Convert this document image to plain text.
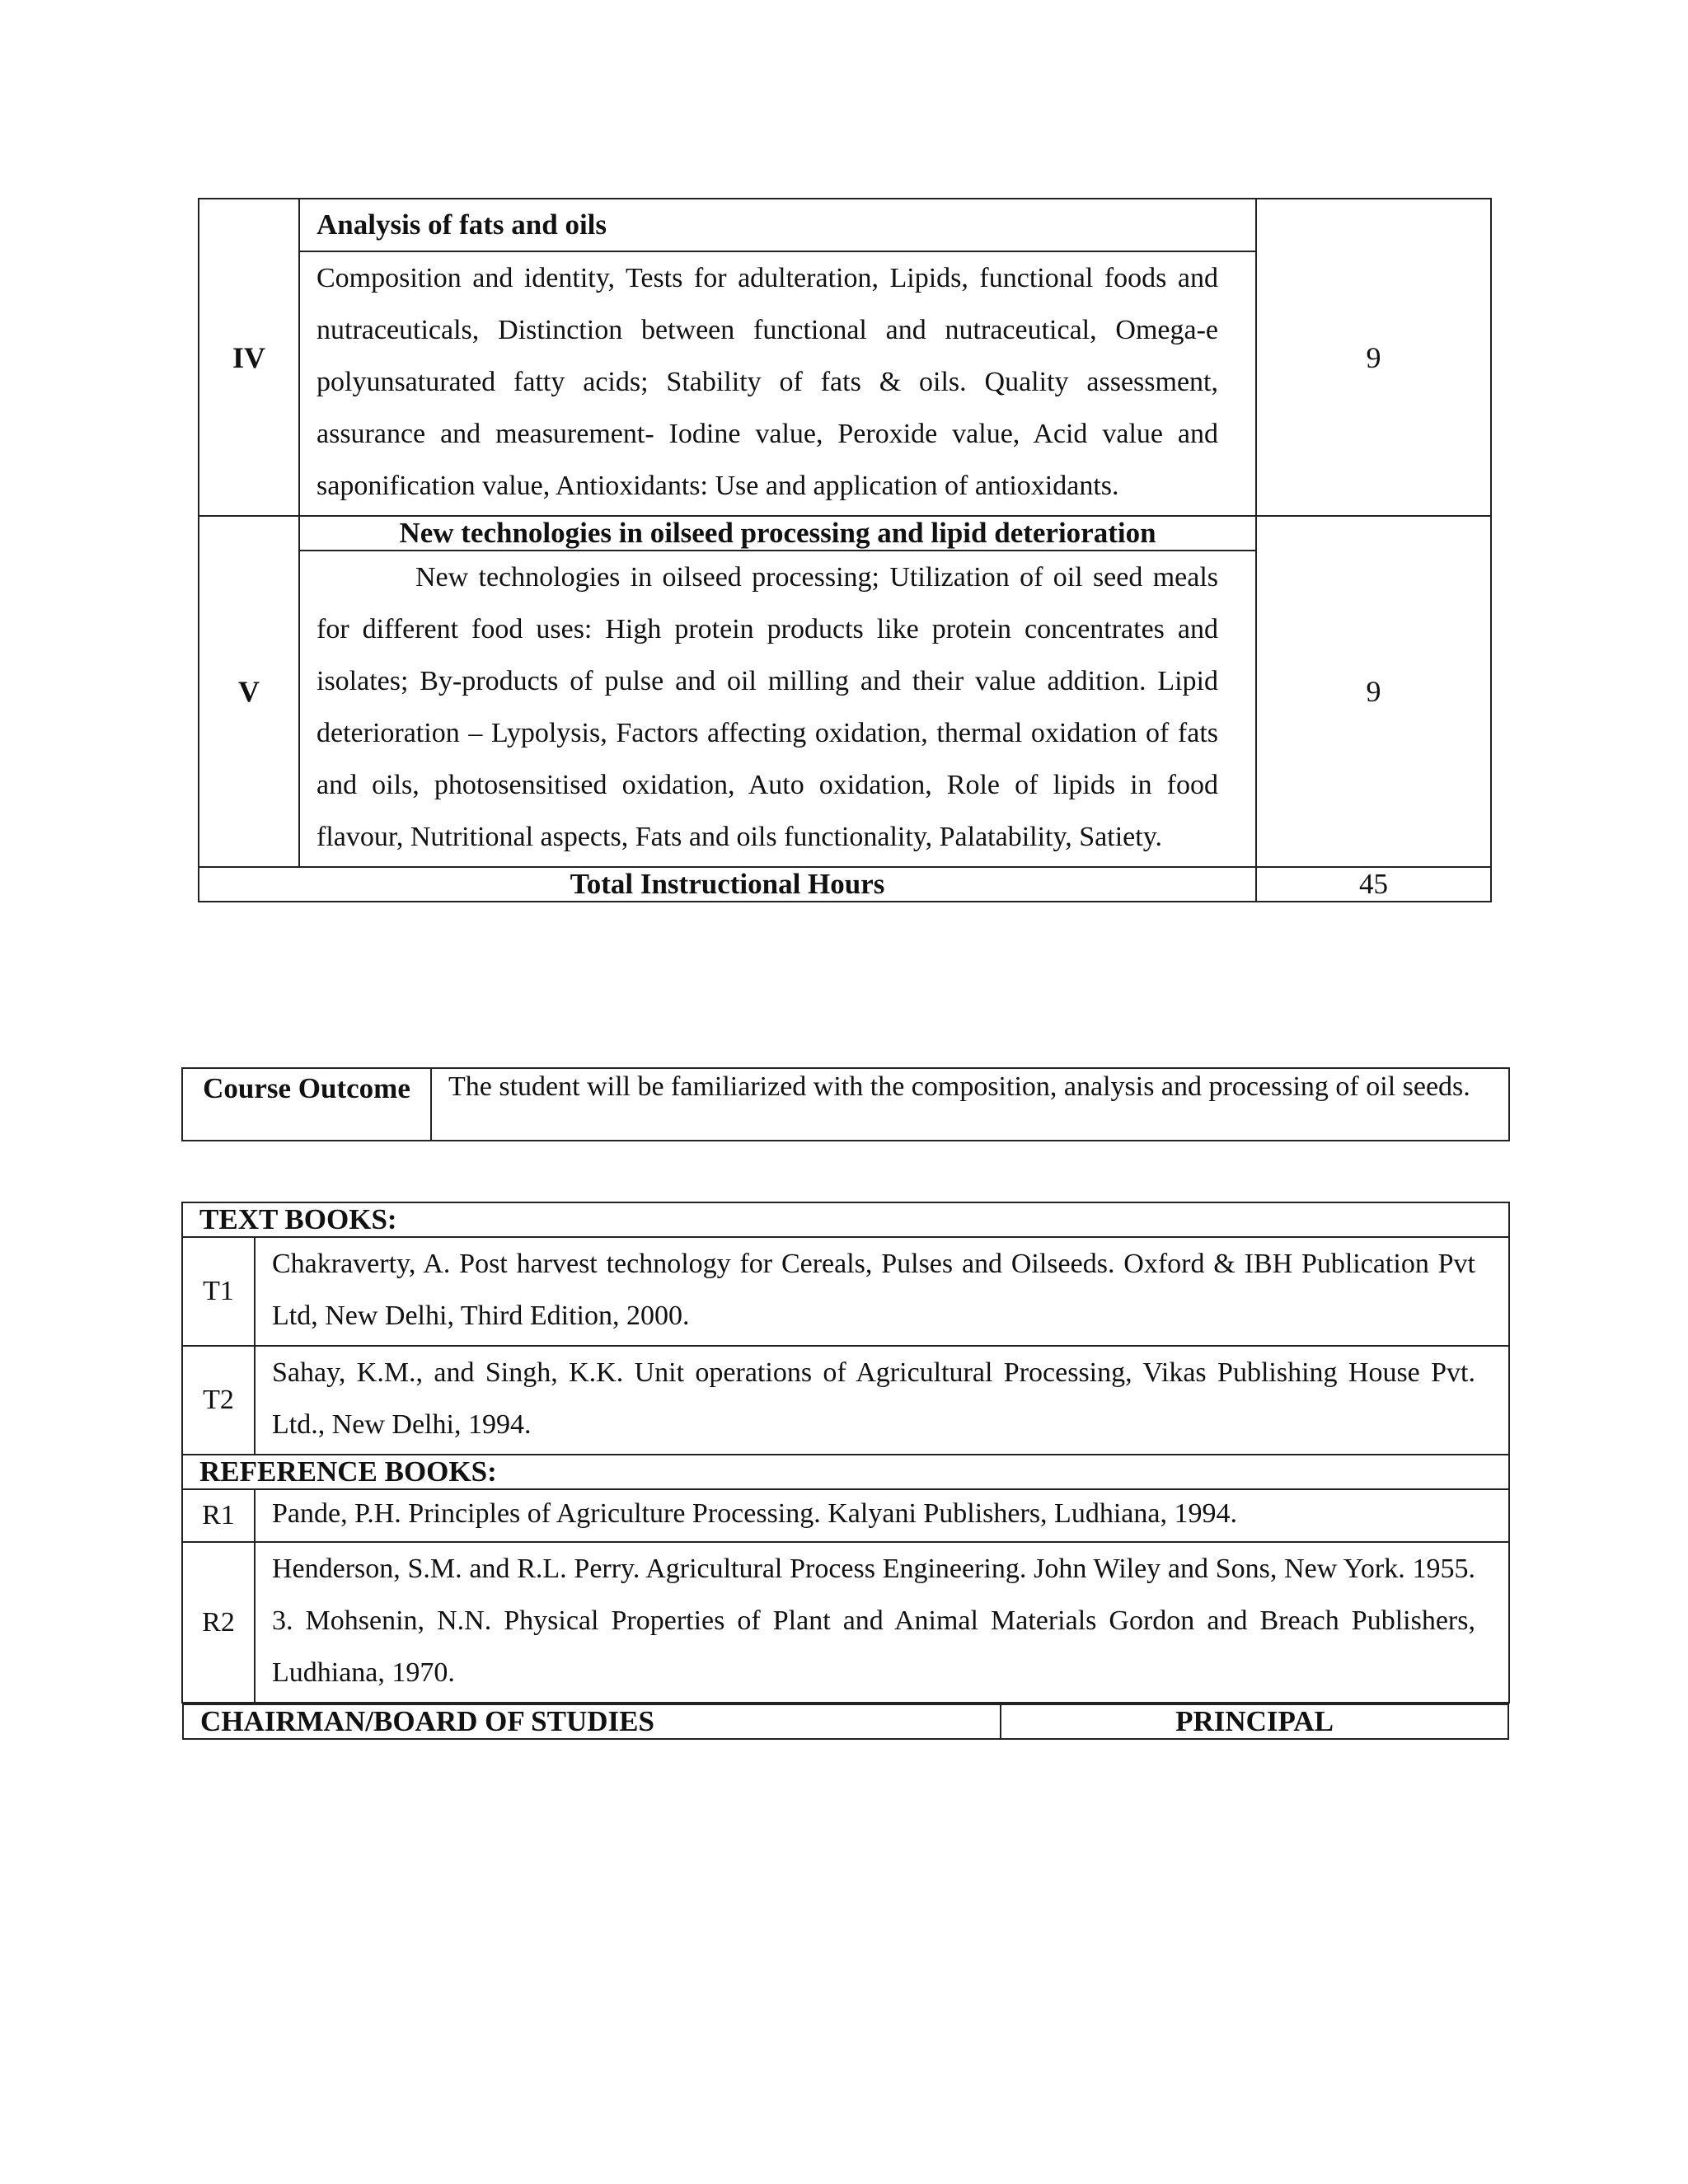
IV	Analysis of fats and oils	9
	Composition and identity, Tests for adulteration, Lipids, functional foods and nutraceuticals, Distinction between functional and nutraceutical, Omega-e polyunsaturated fatty acids; Stability of fats & oils. Quality assessment, assurance and measurement- Iodine value, Peroxide value, Acid value and saponification value, Antioxidants: Use and application of antioxidants.	
V	New technologies in oilseed processing and lipid deterioration	9
	New technologies in oilseed processing; Utilization of oil seed meals for different food uses: High protein products like protein concentrates and isolates; By-products of pulse and oil milling and their value addition. Lipid deterioration – Lypolysis, Factors affecting oxidation, thermal oxidation of fats and oils, photosensitised oxidation, Auto oxidation, Role of lipids in food flavour, Nutritional aspects, Fats and oils functionality, Palatability, Satiety.	
Total Instructional Hours		45
Course Outcome	The student will be familiarized with the composition, analysis and processing of oil seeds.
TEXT BOOKS:
T1	Chakraverty, A. Post harvest technology for Cereals, Pulses and Oilseeds. Oxford & IBH Publication Pvt Ltd, New Delhi, Third Edition, 2000.
T2	Sahay, K.M., and Singh, K.K. Unit operations of Agricultural Processing, Vikas Publishing House Pvt. Ltd., New Delhi, 1994.
REFERENCE BOOKS:
R1	Pande, P.H. Principles of Agriculture Processing. Kalyani Publishers, Ludhiana, 1994.
R2	Henderson, S.M. and R.L. Perry. Agricultural Process Engineering. John Wiley and Sons, New York. 1955. 3. Mohsenin, N.N. Physical Properties of Plant and Animal Materials Gordon and Breach Publishers, Ludhiana, 1970.

CHAIRMAN/BOARD OF STUDIES	PRINCIPAL
